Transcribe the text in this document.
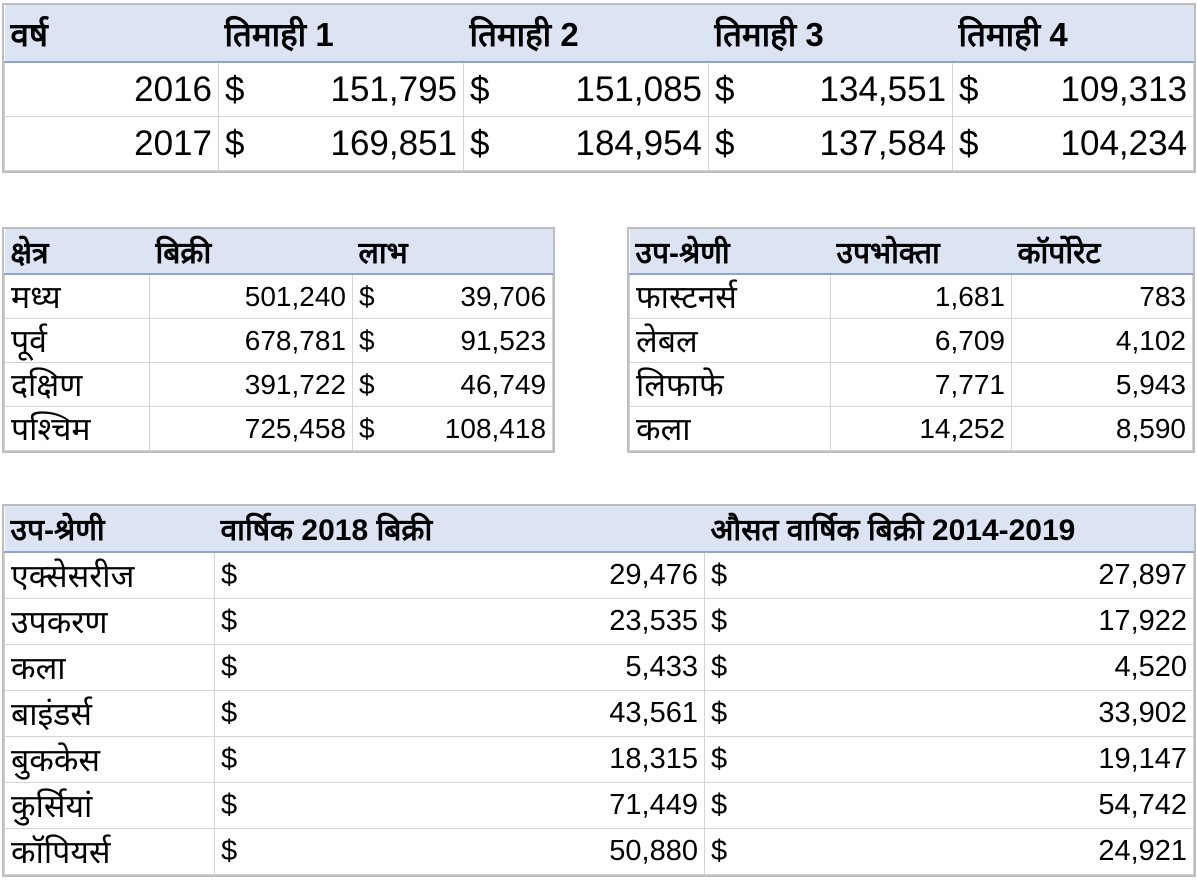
वर्ष	तिमाही 1		तिमाही 2		तिमाही 3		तिमाही 4	
2016	$	151,795	$	151,085	$	134,551	$	109,313
2017	$	169,851	$	184,954	$	137,584	$	104,234
क्षेत्र	बिक्री	लाभ	
मध्य	501,240	$	39,706
पूर्व	678,781	$	91,523
दक्षिण	391,722	$	46,749
पश्चिम	725,458	$	108,418
उप-श्रेणी	उपभोक्ता	कॉर्पोरेट
फास्टनर्स	1,681	783
लेबल	6,709	4,102
लिफाफे	7,771	5,943
कला	14,252	8,590
उप-श्रेणी	वार्षिक 2018 बिक्री		औसत वार्षिक बिक्री 2014-2019	
एक्सेसरीज	$	29,476	$	27,897
उपकरण	$	23,535	$	17,922
कला	$	5,433	$	4,520
बाइंडर्स	$	43,561	$	33,902
बुककेस	$	18,315	$	19,147
कुर्सियां	$	71,449	$	54,742
कॉपियर्स	$	50,880	$	24,921
